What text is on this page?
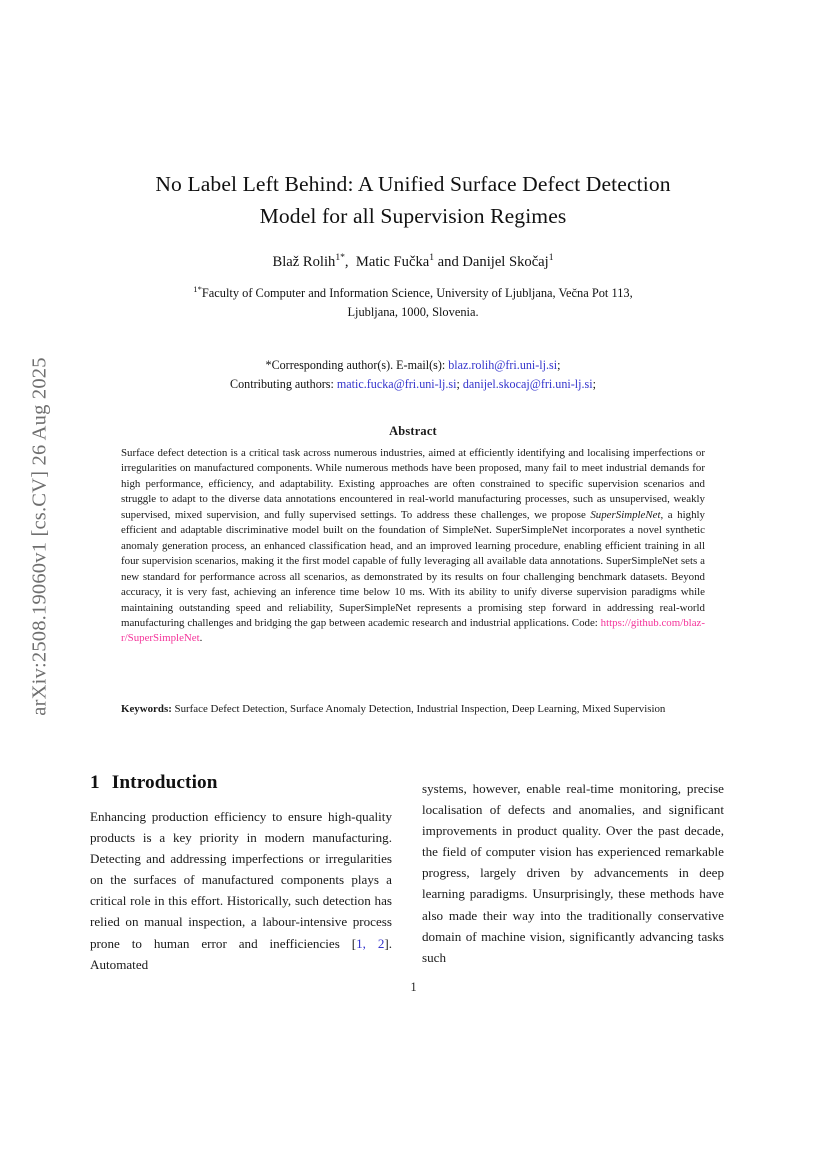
arXiv:2508.19060v1 [cs.CV] 26 Aug 2025
No Label Left Behind: A Unified Surface Defect Detection
Model for all Supervision Regimes
Blaž Rolih$^{1*}$,  Matic Fučka$^1$ and Danijel Skočaj$^1$
$^{1*}$Faculty of Computer and Information Science, University of Ljubljana, Večna Pot 113,
Ljubljana, 1000, Slovenia.
*Corresponding author(s). E-mail(s): blaz.rolih@fri.uni-lj.si;
Contributing authors: matic.fucka@fri.uni-lj.si; danijel.skocaj@fri.uni-lj.si;
Abstract

Surface defect detection is a critical task across numerous industries, aimed at efficiently identifying and localising imperfections or irregularities on manufactured components. While numerous methods have been proposed, many fail to meet industrial demands for high performance, efficiency, and adaptability. Existing approaches are often constrained to specific supervision scenarios and struggle to adapt to the diverse data annotations encountered in real-world manufacturing processes, such as unsupervised, weakly supervised, mixed supervision, and fully supervised settings. To address these challenges, we propose SuperSimpleNet, a highly efficient and adaptable discriminative model built on the foundation of SimpleNet. SuperSimpleNet incorporates a novel synthetic anomaly generation process, an enhanced classification head, and an improved learning procedure, enabling efficient training in all four supervision scenarios, making it the first model capable of fully leveraging all available data annotations. SuperSimpleNet sets a new standard for performance across all scenarios, as demonstrated by its results on four challenging benchmark datasets. Beyond accuracy, it is very fast, achieving an inference time below 10 ms. With its ability to unify diverse supervision paradigms while maintaining outstanding speed and reliability, SuperSimpleNet represents a promising step forward in addressing real-world manufacturing challenges and bridging the gap between academic research and industrial applications. Code: https://github.com/blaz-r/SuperSimpleNet.

Keywords: Surface Defect Detection, Surface Anomaly Detection, Industrial Inspection, Deep Learning, Mixed Supervision
1 Introduction
Enhancing production efficiency to ensure high-quality products is a key priority in modern manufacturing. Detecting and addressing imperfections or irregularities on the surfaces of manufactured components plays a critical role in this effort. Historically, such detection has relied on manual inspection, a labour-intensive process prone to human error and inefficiencies [1, 2]. Automated
systems, however, enable real-time monitoring, precise localisation of defects and anomalies, and significant improvements in product quality. Over the past decade, the field of computer vision has experienced remarkable progress, largely driven by advancements in deep learning paradigms. Unsurprisingly, these methods have also made their way into the traditionally conservative domain of machine vision, significantly advancing tasks such
1
